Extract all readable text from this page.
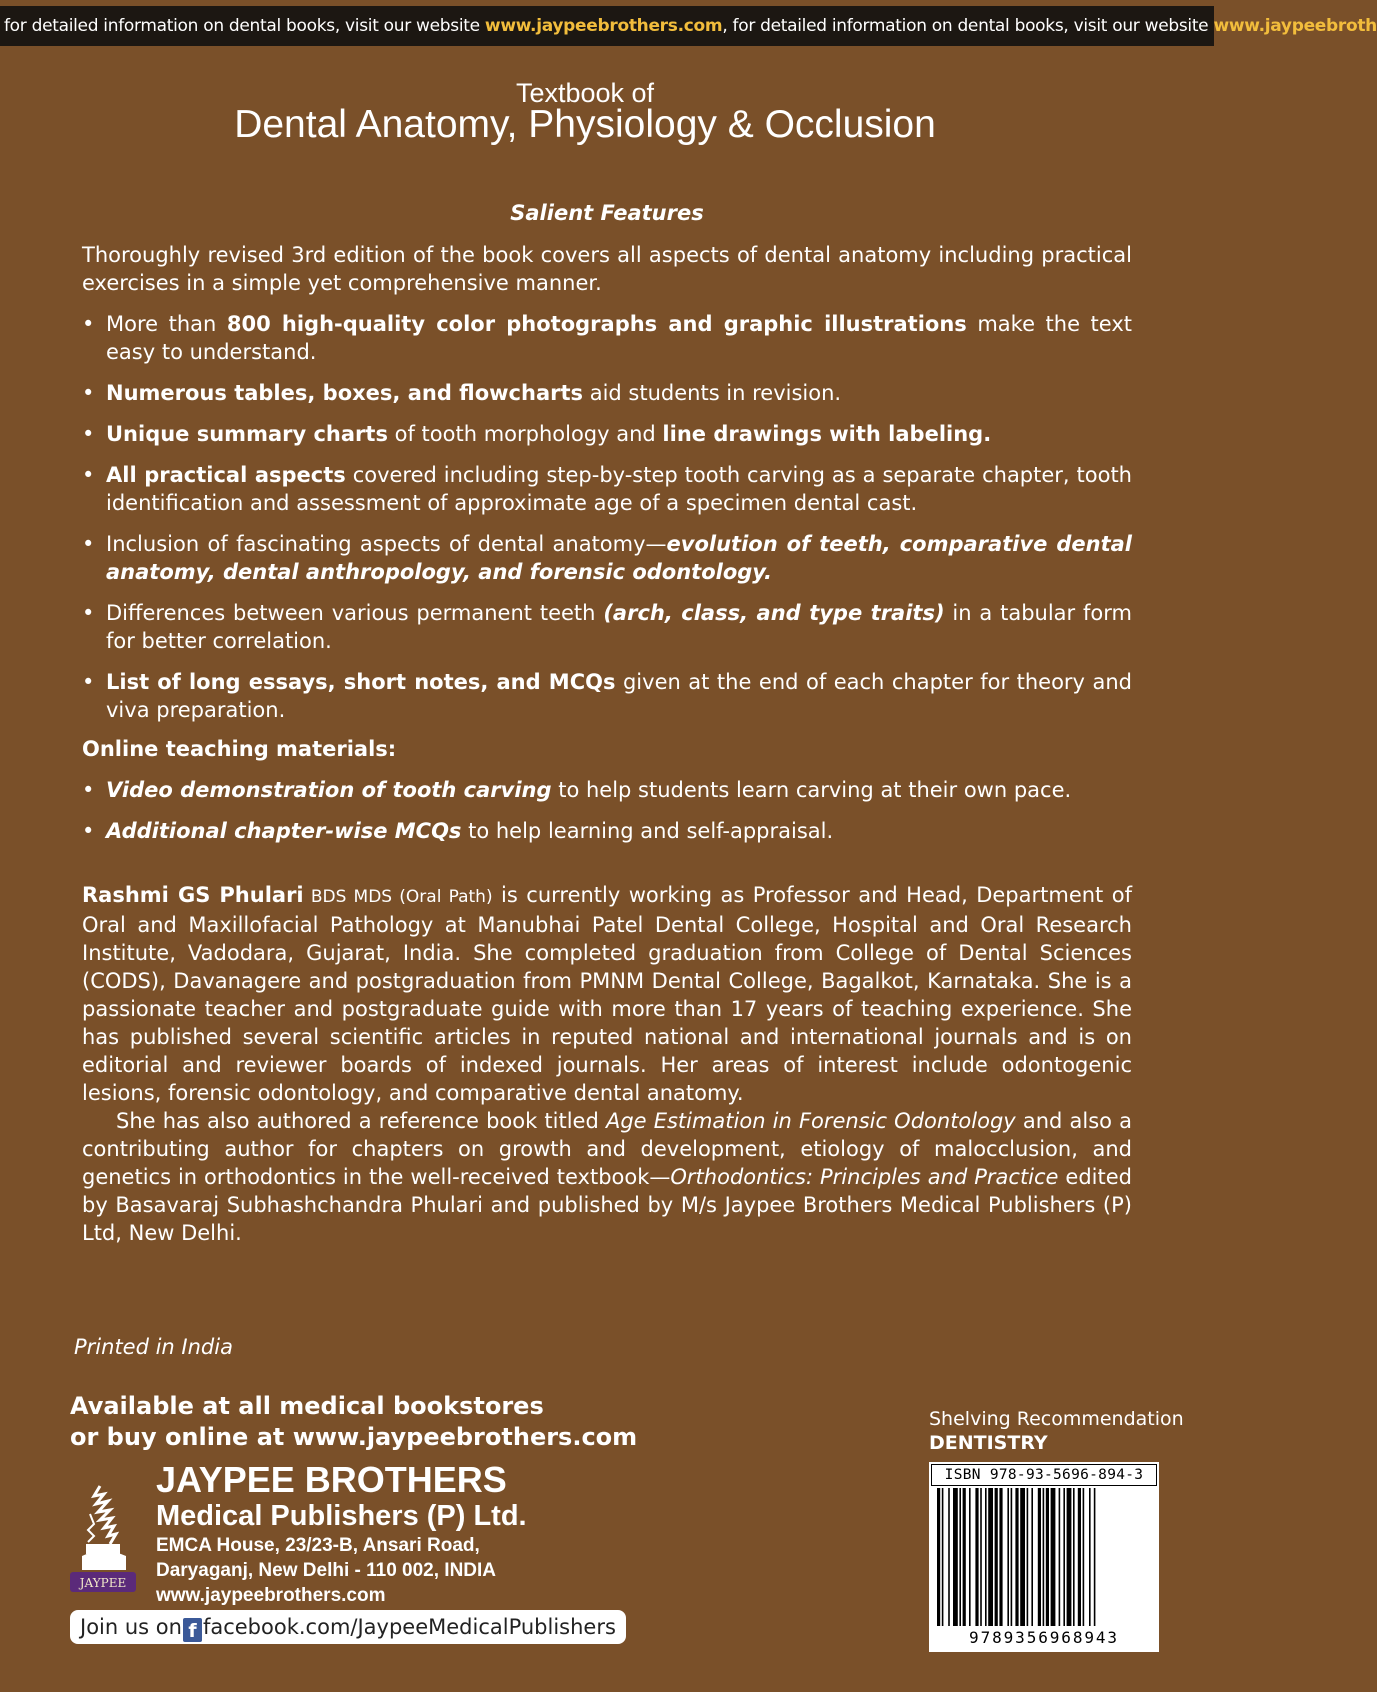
for detailed information on dental books, visit our website www.jaypeebrothers.com, for detailed information on dental books, visit our website www.jaypeebroth
Textbook of
Dental Anatomy, Physiology & Occlusion
Salient Features

Thoroughly revised 3rd edition of the book covers all aspects of dental anatomy including practical exercises in a simple yet comprehensive manner.

• More than 800 high-quality color photographs and graphic illustrations make the text easy to understand.
• Numerous tables, boxes, and flowcharts aid students in revision.
• Unique summary charts of tooth morphology and line drawings with labeling.
• All practical aspects covered including step-by-step tooth carving as a separate chapter, tooth identification and assessment of approximate age of a specimen dental cast.
• Inclusion of fascinating aspects of dental anatomy—evolution of teeth, comparative dental anatomy, dental anthropology, and forensic odontology.
• Differences between various permanent teeth (arch, class, and type traits) in a tabular form for better correlation.
• List of long essays, short notes, and MCQs given at the end of each chapter for theory and viva preparation.

Online teaching materials:

• Video demonstration of tooth carving to help students learn carving at their own pace.
• Additional chapter-wise MCQs to help learning and self-appraisal.

Rashmi GS Phulari BDS MDS (Oral Path) is currently working as Professor and Head, Department of Oral and Maxillofacial Pathology at Manubhai Patel Dental College, Hospital and Oral Research Institute, Vadodara, Gujarat, India. She completed graduation from College of Dental Sciences (CODS), Davanagere and postgraduation from PMNM Dental College, Bagalkot, Karnataka. She is a passionate teacher and postgraduate guide with more than 17 years of teaching experience. She has published several scientific articles in reputed national and international journals and is on editorial and reviewer boards of indexed journals. Her areas of interest include odontogenic lesions, forensic odontology, and comparative dental anatomy.

She has also authored a reference book titled Age Estimation in Forensic Odontology and also a contributing author for chapters on growth and development, etiology of malocclusion, and genetics in orthodontics in the well-received textbook—Orthodontics: Principles and Practice edited by Basavaraj Subhashchandra Phulari and published by M/s Jaypee Brothers Medical Publishers (P) Ltd, New Delhi.

Printed in India
Available at all medical bookstores
or buy online at www.jaypeebrothers.com
JAYPEE
JAYPEE BROTHERS
Medical Publishers (P) Ltd.
EMCA House, 23/23-B, Ansari Road,
Daryaganj, New Delhi - 110 002, INDIA
www.jaypeebrothers.com
Join us on f facebook.com/JaypeeMedicalPublishers
Shelving Recommendation
DENTISTRY
ISBN 978-93-5696-894-3
9789356968943
